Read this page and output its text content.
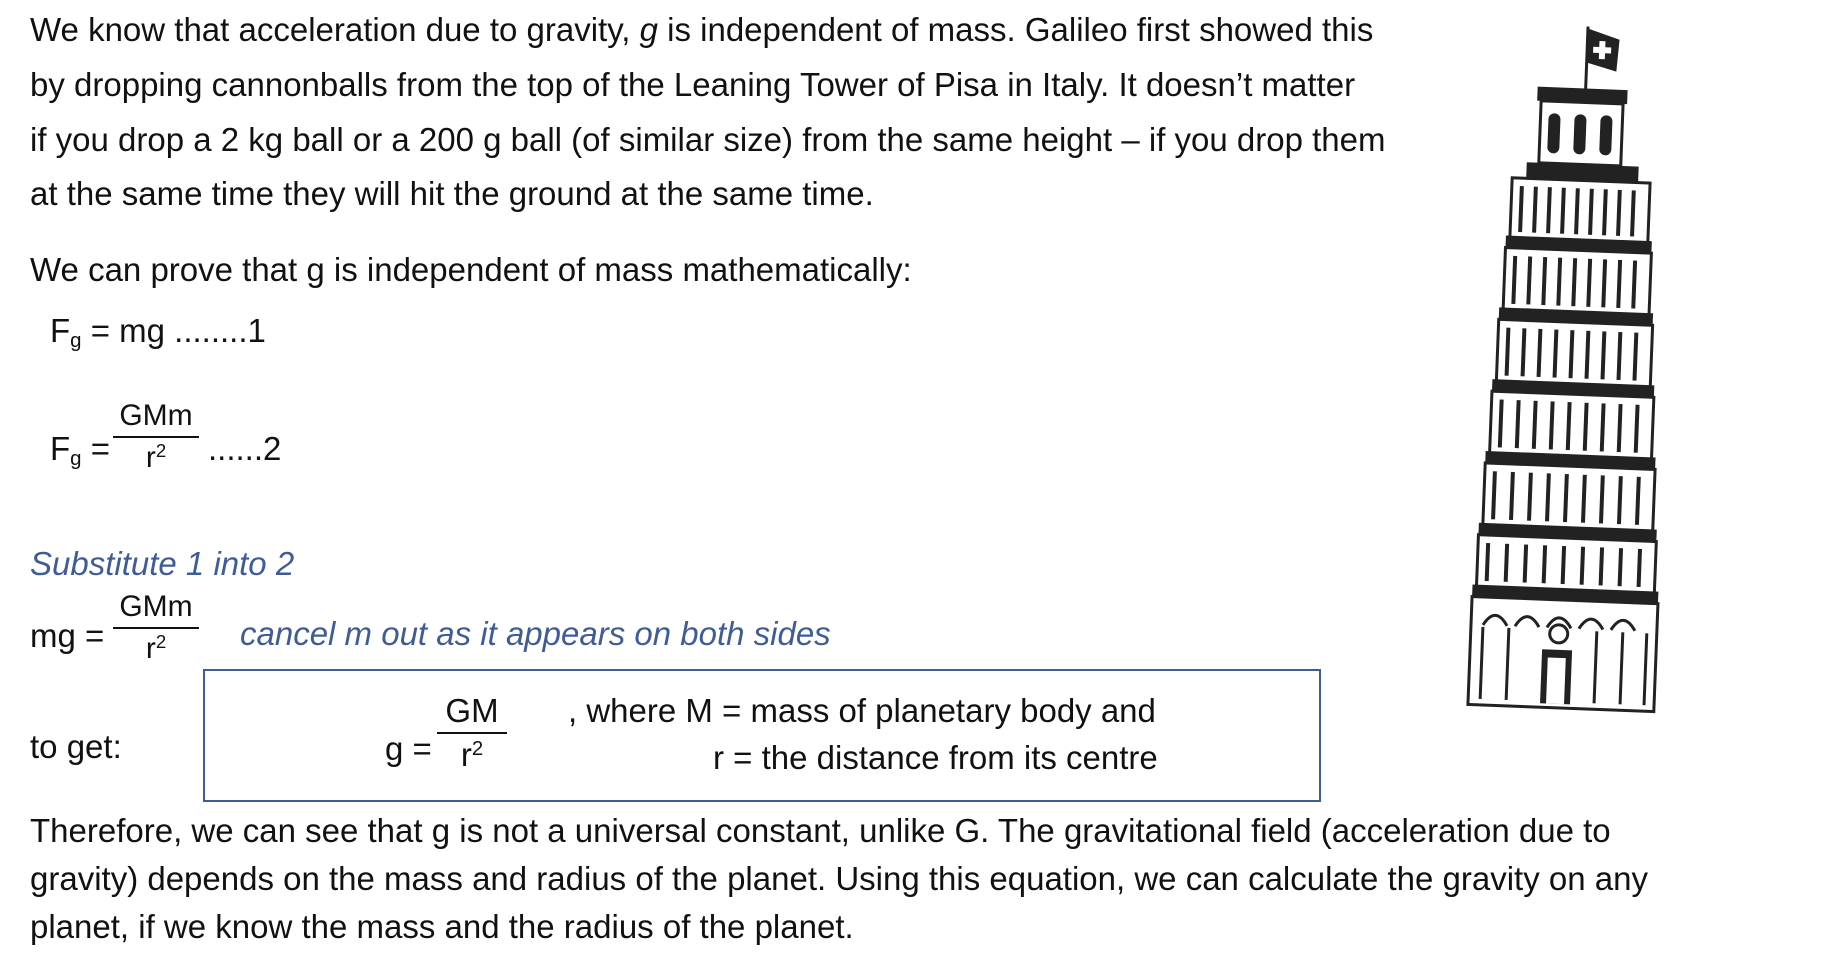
We know that acceleration due to gravity, g is independent of mass. Galileo first showed this
by dropping cannonballs from the top of the Leaning Tower of Pisa in Italy. It doesn’t matter
if you drop a 2 kg ball or a 200 g ball (of similar size) from the same height – if you drop them
at the same time they will hit the ground at the same time.
We can prove that g is independent of mass mathematically:
$F_g$ = mg ........1
$F_g$ =
GMm
$r^2$	......2
Substitute 1 into 2
mg =
GMm
$r^2$	cancel m out as it appears on both sides
to get:	g =
GM
$r^2$
, where M = mass of planetary body and
r = the distance from its centre
Therefore, we can see that g is not a universal constant, unlike G. The gravitational field (acceleration due to
gravity) depends on the mass and radius of the planet. Using this equation, we can calculate the gravity on any
planet, if we know the mass and the radius of the planet.
